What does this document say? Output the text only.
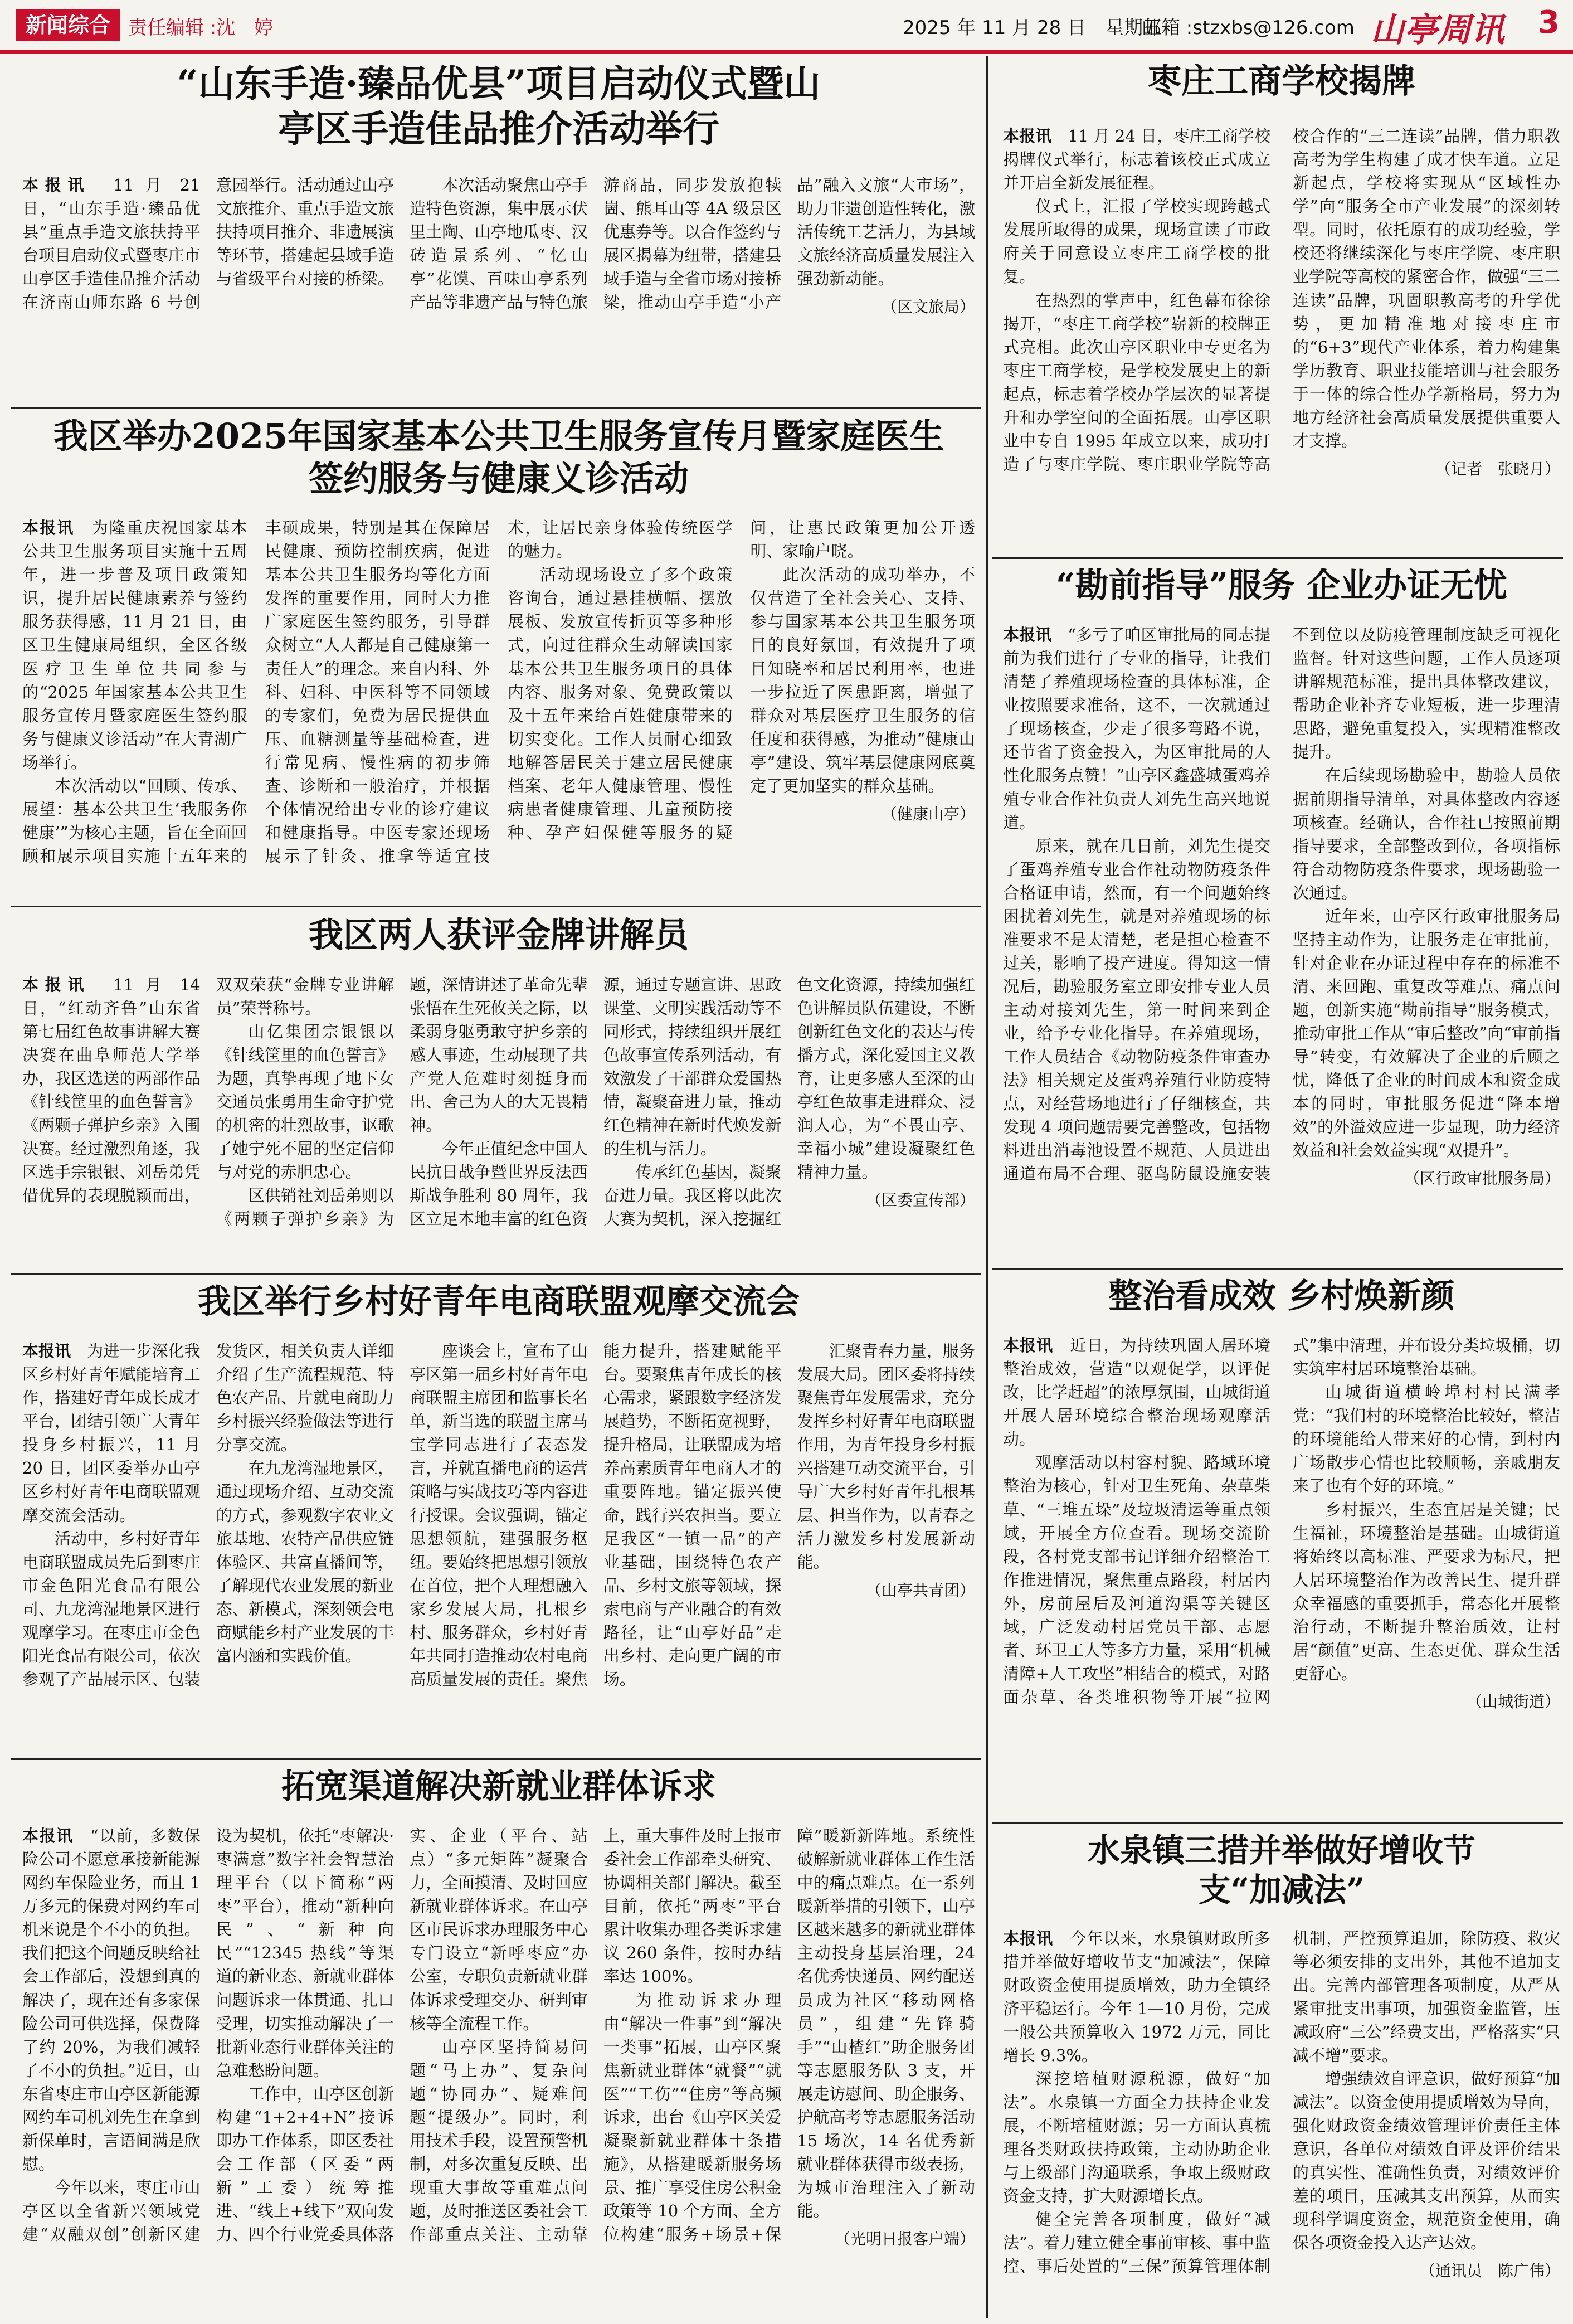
新闻综合 责任编辑 :沈　婷	2025 年 11 月 28 日　星期五
邮箱 :stzxbs@126.com 山亭周讯 3
“山东手造·臻品优县”项目启动仪式暨山亭区手造佳品推介活动举行

本报讯　 11 月 21 日，“山东手造·臻品优县”重点手造文旅扶持平台项目启动仪式暨枣庄市山亭区手造佳品推介活动在济南山师东路 6 号创意园举行。活动通过山亭文旅推介、重点手造文旅扶持项目推介、非遗展演等环节，搭建起县域手造与省级平台对接的桥梁。

本次活动聚焦山亭手造特色资源，集中展示伏里土陶、山亭地瓜枣、汉砖造景系列、“忆山亭”花馍、百味山亭系列产品等非遗产品与特色旅游商品，同步发放抱犊崮、熊耳山等 4A 级景区优惠券等。以合作签约与展区揭幕为纽带，搭建县域手造与全省市场对接桥梁，推动山亭手造“小产品”融入文旅“大市场”，助力非遗创造性转化，激活传统工艺活力，为县域文旅经济高质量发展注入强劲新动能。

（区文旅局）
枣庄工商学校揭牌

本报讯　 11 月 24 日，枣庄工商学校揭牌仪式举行，标志着该校正式成立并开启全新发展征程。

仪式上，汇报了学校实现跨越式发展所取得的成果，现场宣读了市政府关于同意设立枣庄工商学校的批复。

在热烈的掌声中，红色幕布徐徐揭开，“枣庄工商学校”崭新的校牌正式亮相。此次山亭区职业中专更名为枣庄工商学校，是学校发展史上的新起点，标志着学校办学层次的显著提升和办学空间的全面拓展。山亭区职业中专自 1995 年成立以来，成功打造了与枣庄学院、枣庄职业学院等高校合作的“三二连读”品牌，借力职教高考为学生构建了成才快车道。立足新起点，学校将实现从“区域性办学”向“服务全市产业发展”的深刻转型。同时，依托原有的成功经验，学校还将继续深化与枣庄学院、枣庄职业学院等高校的紧密合作，做强“三二连读”品牌，巩固职教高考的升学优势，更加精准地对接枣庄市的“6+3”现代产业体系，着力构建集学历教育、职业技能培训与社会服务于一体的综合性办学新格局，努力为地方经济社会高质量发展提供重要人才支撑。

（记者　张晓月）
我区举办2025年国家基本公共卫生服务宣传月暨家庭医生签约服务与健康义诊活动

本报讯　 为隆重庆祝国家基本公共卫生服务项目实施十五周年，进一步普及项目政策知识，提升居民健康素养与签约服务获得感，11 月 21 日，由区卫生健康局组织，全区各级医疗卫生单位共同参与的“2025 年国家基本公共卫生服务宣传月暨家庭医生签约服务与健康义诊活动”在大青湖广场举行。

本次活动以“回顾、传承、展望：基本公共卫生‘我服务你健康’”为核心主题，旨在全面回顾和展示项目实施十五年来的丰硕成果，特别是其在保障居民健康、预防控制疾病，促进基本公共卫生服务均等化方面发挥的重要作用，同时大力推广家庭医生签约服务，引导群众树立“人人都是自己健康第一责任人”的理念。来自内科、外科、妇科、中医科等不同领域的专家们，免费为居民提供血压、血糖测量等基础检查，进行常见病、慢性病的初步筛查、诊断和一般治疗，并根据个体情况给出专业的诊疗建议和健康指导。中医专家还现场展示了针灸、推拿等适宜技术，让居民亲身体验传统医学的魅力。

活动现场设立了多个政策咨询台，通过悬挂横幅、摆放展板、发放宣传折页等多种形式，向过往群众生动解读国家基本公共卫生服务项目的具体内容、服务对象、免费政策以及十五年来给百姓健康带来的切实变化。工作人员耐心细致地解答居民关于建立居民健康档案、老年人健康管理、慢性病患者健康管理、儿童预防接种、孕产妇保健等服务的疑问，让惠民政策更加公开透明、家喻户晓。

此次活动的成功举办，不仅营造了全社会关心、支持、参与国家基本公共卫生服务项目的良好氛围，有效提升了项目知晓率和居民利用率，也进一步拉近了医患距离，增强了群众对基层医疗卫生服务的信任度和获得感，为推动“健康山亭”建设、筑牢基层健康网底奠定了更加坚实的群众基础。

（健康山亭）
“勘前指导”服务 企业办证无忧

本报讯　 “多亏了咱区审批局的同志提前为我们进行了专业的指导，让我们清楚了养殖现场检查的具体标准，企业按照要求准备，这不，一次就通过了现场核查，少走了很多弯路不说，还节省了资金投入，为区审批局的人性化服务点赞！”山亭区鑫盛城蛋鸡养殖专业合作社负责人刘先生高兴地说道。

原来，就在几日前，刘先生提交了蛋鸡养殖专业合作社动物防疫条件合格证申请，然而，有一个问题始终困扰着刘先生，就是对养殖现场的标准要求不是太清楚，老是担心检查不过关，影响了投产进度。得知这一情况后，勘验服务室立即安排专业人员主动对接刘先生，第一时间来到企业，给予专业化指导。在养殖现场，工作人员结合《动物防疫条件审查办法》相关规定及蛋鸡养殖行业防疫特点，对经营场地进行了仔细核查，共发现 4 项问题需要完善整改，包括物料进出消毒池设置不规范、人员进出通道布局不合理、驱鸟防鼠设施安装不到位以及防疫管理制度缺乏可视化监督。针对这些问题，工作人员逐项讲解规范标准，提出具体整改建议，帮助企业补齐专业短板，进一步理清思路，避免重复投入，实现精准整改提升。

在后续现场勘验中，勘验人员依据前期指导清单，对具体整改内容逐项核查。经确认，合作社已按照前期指导要求，全部整改到位，各项指标符合动物防疫条件要求，现场勘验一次通过。

近年来，山亭区行政审批服务局坚持主动作为，让服务走在审批前，针对企业在办证过程中存在的标准不清、来回跑、重复改等难点、痛点问题，创新实施“勘前指导”服务模式，推动审批工作从“审后整改”向“审前指导”转变，有效解决了企业的后顾之忧，降低了企业的时间成本和资金成本的同时，审批服务促进“降本增效”的外溢效应进一步显现，助力经济效益和社会效益实现“双提升”。

（区行政审批服务局）
我区两人获评金牌讲解员

本报讯　 11 月 14 日，“红动齐鲁”山东省第七届红色故事讲解大赛决赛在曲阜师范大学举办，我区选送的两部作品《针线筐里的血色誓言》《两颗子弹护乡亲》入围决赛。经过激烈角逐，我区选手宗银银、刘岳弟凭借优异的表现脱颖而出，双双荣获“金牌专业讲解员”荣誉称号。

山亿集团宗银银以《针线筐里的血色誓言》为题，真挚再现了地下女交通员张勇用生命守护党的机密的壮烈故事，讴歌了她宁死不屈的坚定信仰与对党的赤胆忠心。

区供销社刘岳弟则以《两颗子弹护乡亲》为题，深情讲述了革命先辈张悟在生死攸关之际，以柔弱身躯勇敢守护乡亲的感人事迹，生动展现了共产党人危难时刻挺身而出、舍己为人的大无畏精神。

今年正值纪念中国人民抗日战争暨世界反法西斯战争胜利 80 周年，我区立足本地丰富的红色资源，通过专题宣讲、思政课堂、文明实践活动等不同形式，持续组织开展红色故事宣传系列活动，有效激发了干部群众爱国热情，凝聚奋进力量，推动红色精神在新时代焕发新的生机与活力。

传承红色基因，凝聚奋进力量。我区将以此次大赛为契机，深入挖掘红色文化资源，持续加强红色讲解员队伍建设，不断创新红色文化的表达与传播方式，深化爱国主义教育，让更多感人至深的山亭红色故事走进群众、浸润人心，为“不畏山亭、幸福小城”建设凝聚红色精神力量。

（区委宣传部）
我区举行乡村好青年电商联盟观摩交流会

本报讯　 为进一步深化我区乡村好青年赋能培育工作，搭建好青年成长成才平台，团结引领广大青年投身乡村振兴，11 月 20 日，团区委举办山亭区乡村好青年电商联盟观摩交流会活动。

活动中，乡村好青年电商联盟成员先后到枣庄市金色阳光食品有限公司、九龙湾湿地景区进行观摩学习。在枣庄市金色阳光食品有限公司，依次参观了产品展示区、包装发货区，相关负责人详细介绍了生产流程规范、特色农产品、片就电商助力乡村振兴经验做法等进行分享交流。

在九龙湾湿地景区，通过现场介绍、互动交流的方式，参观数字农业文旅基地、农特产品供应链体验区、共富直播间等，了解现代农业发展的新业态、新模式，深刻领会电商赋能乡村产业发展的丰富内涵和实践价值。

座谈会上，宣布了山亭区第一届乡村好青年电商联盟主席团和监事长名单，新当选的联盟主席马宝学同志进行了表态发言，并就直播电商的运营策略与实战技巧等内容进行授课。会议强调，锚定思想领航，建强服务枢纽。要始终把思想引领放在首位，把个人理想融入家乡发展大局，扎根乡村、服务群众，乡村好青年共同打造推动农村电商高质量发展的责任。聚焦能力提升，搭建赋能平台。要聚焦青年成长的核心需求，紧跟数字经济发展趋势，不断拓宽视野，提升格局，让联盟成为培养高素质青年电商人才的重要阵地。锚定振兴使命，践行兴农担当。要立足我区“一镇一品”的产业基础，围绕特色农产品、乡村文旅等领域，探索电商与产业融合的有效路径，让“山亭好品”走出乡村、走向更广阔的市场。

汇聚青春力量，服务发展大局。团区委将持续聚焦青年发展需求，充分发挥乡村好青年电商联盟作用，为青年投身乡村振兴搭建互动交流平台，引导广大乡村好青年扎根基层、担当作为，以青春之活力激发乡村发展新动能。

（山亭共青团）
整治看成效 乡村焕新颜

本报讯　 近日，为持续巩固人居环境整治成效，营造“以观促学，以评促改，比学赶超”的浓厚氛围，山城街道开展人居环境综合整治现场观摩活动。

观摩活动以村容村貌、路域环境整治为核心，针对卫生死角、杂草柴草、“三堆五垛”及垃圾清运等重点领域，开展全方位查看。现场交流阶段，各村党支部书记详细介绍整治工作推进情况，聚焦重点路段，村居内外，房前屋后及河道沟渠等关键区域，广泛发动村居党员干部、志愿者、环卫工人等多方力量，采用“机械清障+人工攻坚”相结合的模式，对路面杂草、各类堆积物等开展“拉网式”集中清理，并布设分类垃圾桶，切实筑牢村居环境整治基础。

山城街道横岭埠村村民满孝党：“我们村的环境整治比较好，整洁的环境能给人带来好的心情，到村内广场散步心情也比较顺畅，亲戚朋友来了也有个好的环境。”

乡村振兴，生态宜居是关键；民生福祉，环境整治是基础。山城街道将始终以高标准、严要求为标尺，把人居环境整治作为改善民生、提升群众幸福感的重要抓手，常态化开展整治行动，不断提升整治质效，让村居“颜值”更高、生态更优、群众生活更舒心。

（山城街道）
拓宽渠道解决新就业群体诉求

本报讯　 “以前，多数保险公司不愿意承接新能源网约车保险业务，而且 1 万多元的保费对网约车司机来说是个不小的负担。我们把这个问题反映给社会工作部后，没想到真的解决了，现在还有多家保险公司可供选择，保费降了约 20%，为我们减轻了不小的负担。”近日，山东省枣庄市山亭区新能源网约车司机刘先生在拿到新保单时，言语间满是欣慰。

今年以来，枣庄市山亭区以全省新兴领域党建“双融双创”创新区建设为契机，依托“枣解决·枣满意”数字社会智慧治理平台（以下简称“两枣”平台），推动“新种向民”、“新种向民”“12345 热线”等渠道的新业态、新就业群体问题诉求一体贯通、扎口受理，切实推动解决了一批新业态行业群体关注的急难愁盼问题。

工作中，山亭区创新构建“1+2+4+N”接诉即办工作体系，即区委社会工作部（区委“两新”工委）统筹推进、“线上+线下”双向发力、四个行业党委具体落实、企业（平台、站点）“多元矩阵”凝聚合力，全面摸清、及时回应新就业群体诉求。在山亭区市民诉求办理服务中心专门设立“新呼枣应”办公室，专职负责新就业群体诉求受理交办、研判审核等全流程工作。

山亭区坚持简易问题“马上办”、复杂问题“协同办”、疑难问题“提级办”。同时，利用技术手段，设置预警机制，对多次重复反映、出现重大事故等重难点问题，及时推送区委社会工作部重点关注、主动靠上，重大事件及时上报市委社会工作部牵头研究、协调相关部门解决。截至目前，依托“两枣”平台累计收集办理各类诉求建议 260 条件，按时办结率达 100%。

为推动诉求办理由“解决一件事”到“解决一类事”拓展，山亭区聚焦新就业群体“就餐”“就医”“工伤”“住房”等高频诉求，出台《山亭区关爱凝聚新就业群体十条措施》，从搭建暖新服务场景、推广享受住房公积金政策等 10 个方面、全方位构建“服务+场景+保障”暖新新阵地。系统性破解新就业群体工作生活中的痛点难点。在一系列暖新举措的引领下，山亭区越来越多的新就业群体主动投身基层治理，24 名优秀快递员、网约配送员成为社区“移动网格员”，组建“先锋骑手”“山楂红”助企服务团等志愿服务队 3 支，开展走访慰问、助企服务、护航高考等志愿服务活动 15 场次，14 名优秀新就业群体获得市级表扬，为城市治理注入了新动能。

（光明日报客户端）
水泉镇三措并举做好增收节支“加减法”

本报讯　 今年以来，水泉镇财政所多措并举做好增收节支“加减法”，保障财政资金使用提质增效，助力全镇经济平稳运行。今年 1—10 月份，完成一般公共预算收入 1972 万元，同比增长 9.3%。

深挖培植财源税源，做好“加法”。水泉镇一方面全力扶持企业发展，不断培植财源；另一方面认真梳理各类财政扶持政策，主动协助企业与上级部门沟通联系，争取上级财政资金支持，扩大财源增长点。

健全完善各项制度，做好“减法”。着力建立健全事前审核、事中监控、事后处置的“三保”预算管理体制机制，严控预算追加，除防疫、救灾等必须安排的支出外，其他不追加支出。完善内部管理各项制度，从严从紧审批支出事项，加强资金监管，压减政府“三公”经费支出，严格落实“只减不增”要求。

增强绩效自评意识，做好预算“加减法”。以资金使用提质增效为导向，强化财政资金绩效管理评价责任主体意识，各单位对绩效自评及评价结果的真实性、准确性负责，对绩效评价差的项目，压减其支出预算，从而实现科学调度资金，规范资金使用，确保各项资金投入达产达效。

（通讯员　陈广伟）
